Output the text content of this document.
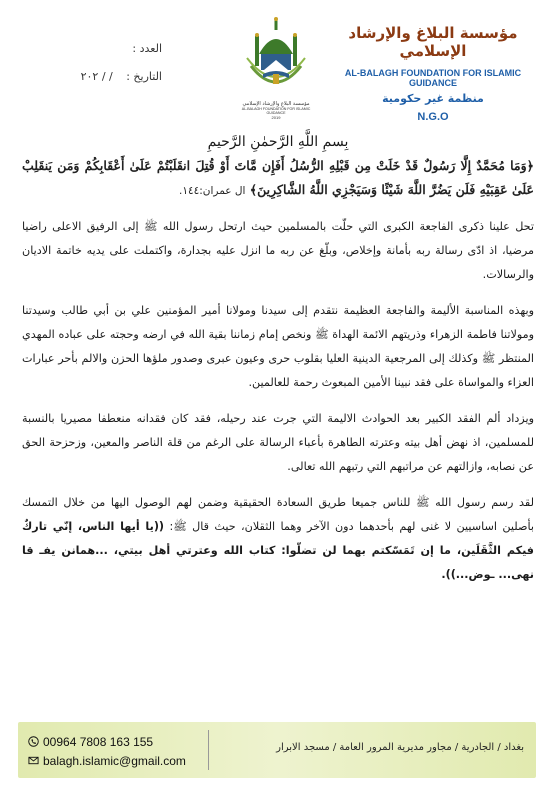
مؤسسة البلاغ والإرشاد الإسلامي
AL-BALAGH FOUNDATION FOR ISLAMIC GUIDANCE
منظمة غير حكومية
N.G.O
مؤسسة البلاغ والإرشاد الإسلامي
AL-BALAGH FOUNDATION FOR ISLAMIC GUIDANCE
2019
العدد :
التاريخ : / / ٢٠٢
بِسمِ اللَّهِ الرَّحمٰنِ الرَّحيمِ
﴿وَمَا مُحَمَّدٌ إِلَّا رَسُولٌ قَدْ خَلَتْ مِن قَبْلِهِ الرُّسُلُ أَفَإِن مَّاتَ أَوْ قُتِلَ انقَلَبْتُمْ عَلَىٰ أَعْقَابِكُمْ وَمَن يَنقَلِبْ عَلَىٰ عَقِبَيْهِ فَلَن يَضُرَّ اللَّهَ شَيْئًا وَسَيَجْزِي اللَّهُ الشَّاكِرِينَ﴾ ال عمران:١٤٤.

تحل علينا ذكرى الفاجعة الكبرى التي حلّت بالمسلمين حيث ارتحل رسول الله ﷺ إلى الرفيق الاعلى راضيا مرضيا، اذ ادّى رسالة ربه بأمانة وإخلاص، وبلّغ عن ربه ما انزل عليه بجدارة، واكتملت على يديه خاتمة الاديان والرسالات.

وبهذه المناسبة الأليمة والفاجعة العظيمة نتقدم إلى سيدنا ومولانا أمير المؤمنين علي بن أبي طالب وسيدتنا ومولاتنا فاطمة الزهراء وذريتهم الائمة الهداة ﷺ ونخص إمام زماننا بقية الله في ارضه وحجته على عباده المهدي المنتظر ﷺ وكذلك إلى المرجعية الدينية العليا بقلوب حرى وعيون عبرى وصدور ملؤها الحزن والالم بأحر عبارات العزاء والمواساة على فقد نبينا الأمين المبعوث رحمة للعالمين.

ويزداد ألم الفقد الكبير بعد الحوادث الاليمة التي جرت عند رحيله، فقد كان فقدانه منعطفا مصيريا بالنسبة للمسلمين، اذ نهض أهل بيته وعترته الطاهرة بأعباء الرسالة على الرغم من قلة الناصر والمعين، وزحزحة الحق عن نصابه، وازالتهم عن مراتبهم التي رتبهم الله تعالى.

لقد رسم رسول الله ﷺ للناس جميعا طريق السعادة الحقيقية وضمن لهم الوصول اليها من خلال التمسك بأصلين اساسيين لا غنى لهم بأحدهما دون الآخر وهما الثقلان، حيث قال ﷺ: ((يا أيها الناس، إنّي تاركٌ فيكم الثَّقَلَين، ما إن تَمَسّكتم بهما لن تضلّوا: كتاب الله وعترتي أهل بيتي، ...همانن يفـ قا نهى... ـوض...)).

00964 7808 163 155
balagh.islamic@gmail.com
بغداد / الجادرية / مجاور مديرية المرور العامة / مسجد الابرار
